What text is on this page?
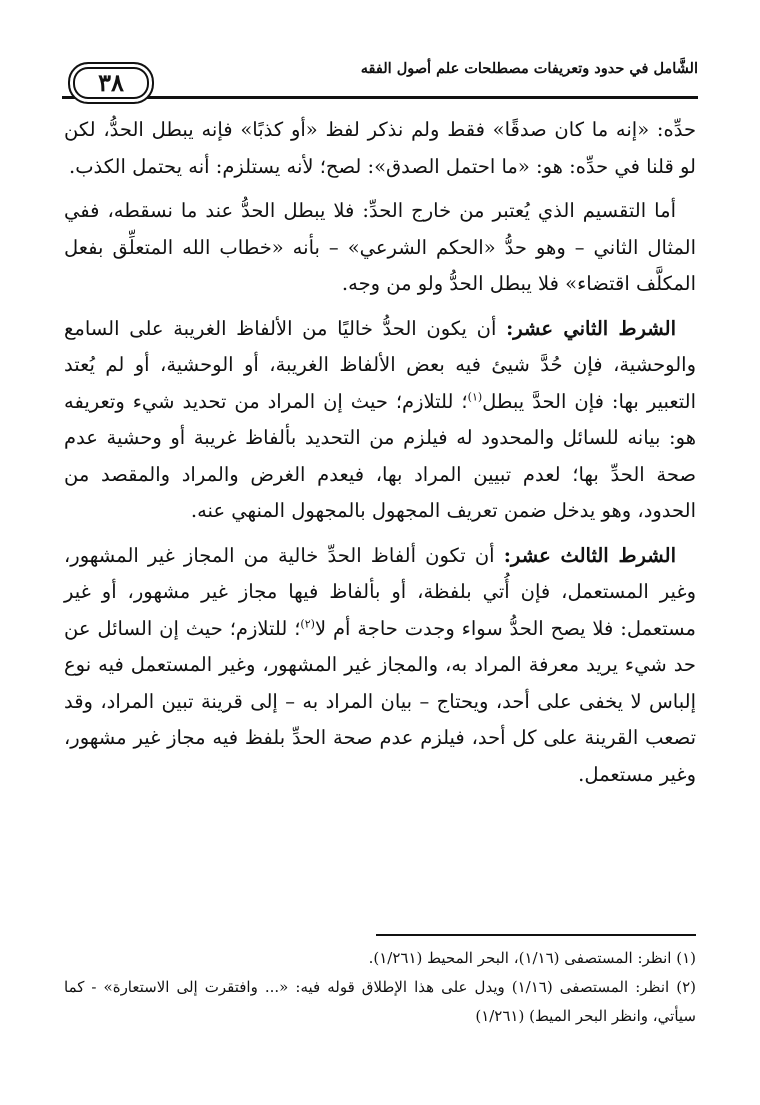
الشَّامل في حدود وتعريفات مصطلحات علم أصول الفقه
٣٨

حدِّه: «إنه ما كان صدقًا» فقط ولم نذكر لفظ «أو كذبًا» فإنه يبطل الحدُّ، لكن لو قلنا في حدِّه: هو: «ما احتمل الصدق»: لصح؛ لأنه يستلزم: أنه يحتمل الكذب.

أما التقسيم الذي يُعتبر من خارج الحدِّ: فلا يبطل الحدُّ عند ما نسقطه، ففي المثال الثاني – وهو حدُّ «الحكم الشرعي» – بأنه «خطاب الله المتعلِّق بفعل المكلَّف اقتضاء» فلا يبطل الحدُّ ولو من وجه.

الشرط الثاني عشر: أن يكون الحدُّ خاليًا من الألفاظ الغريبة على السامع والوحشية، فإن حُدَّ شيئ فيه بعض الألفاظ الغريبة، أو الوحشية، أو لم يُعتد التعبير بها: فإن الحدَّ يبطل$^{(١)}$؛ للتلازم؛ حيث إن المراد من تحديد شيء وتعريفه هو: بيانه للسائل والمحدود له فيلزم من التحديد بألفاظ غريبة أو وحشية عدم صحة الحدِّ بها؛ لعدم تبيين المراد بها، فيعدم الغرض والمراد والمقصد من الحدود، وهو يدخل ضمن تعريف المجهول بالمجهول المنهي عنه.

الشرط الثالث عشر: أن تكون ألفاظ الحدِّ خالية من المجاز غير المشهور، وغير المستعمل، فإن أُتي بلفظة، أو بألفاظ فيها مجاز غير مشهور، أو غير مستعمل: فلا يصح الحدُّ سواء وجدت حاجة أم لا$^{(٢)}$؛ للتلازم؛ حيث إن السائل عن حد شيء يريد معرفة المراد به، والمجاز غير المشهور، وغير المستعمل فيه نوع إلباس لا يخفى على أحد، ويحتاج – بيان المراد به – إلى قرينة تبين المراد، وقد تصعب القرينة على كل أحد، فيلزم عدم صحة الحدِّ بلفظ فيه مجاز غير مشهور، وغير مستعمل.

(١) انظر: المستصفى (١/١٦)، البحر المحيط (١/٢٦١).

(٢) انظر: المستصفى (١/١٦) ويدل على هذا الإطلاق قوله فيه: «... وافتقرت إلى الاستعارة» - كما سيأتي، وانظر البحر الميط) (١/٢٦١)
